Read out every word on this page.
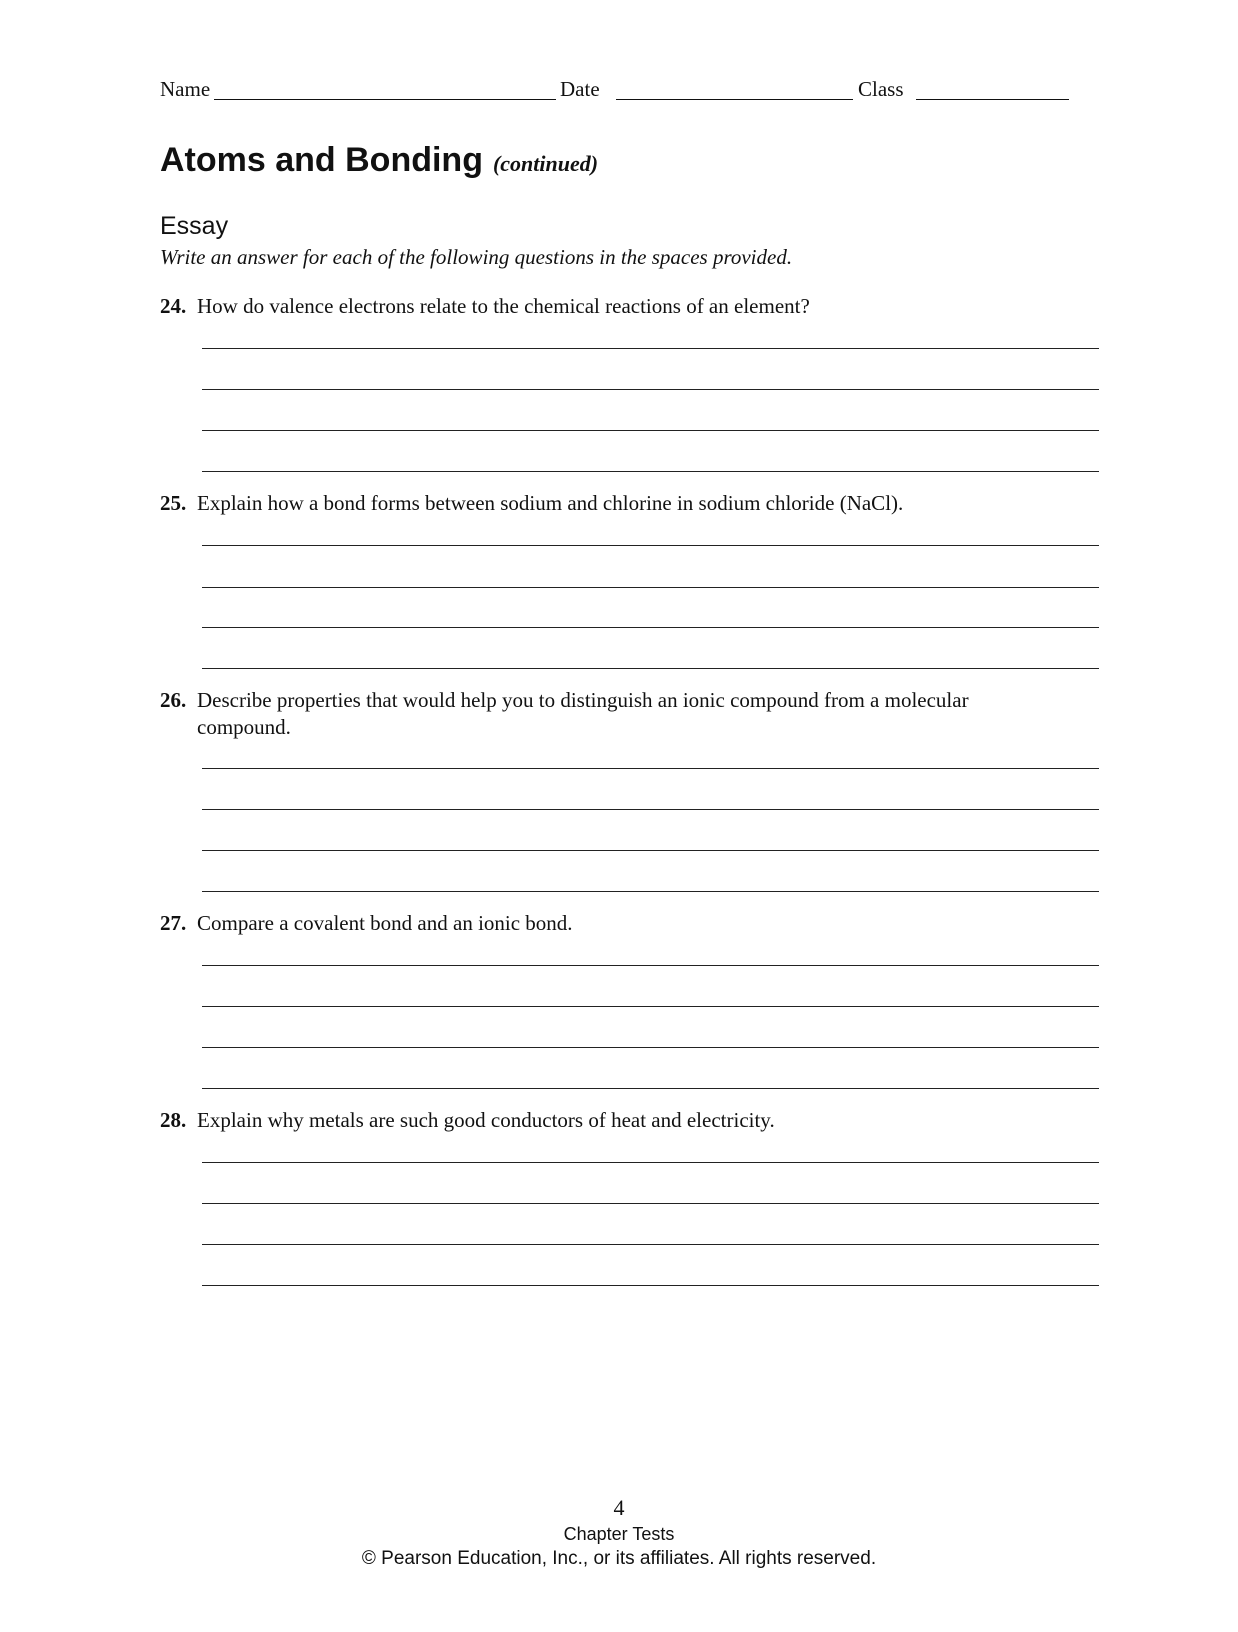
Name	Date	Class
Atoms and Bonding (continued)
Essay
Write an answer for each of the following questions in the spaces provided.
24. How do valence electrons relate to the chemical reactions of an element?
25. Explain how a bond forms between sodium and chlorine in sodium chloride (NaCl).
26. Describe properties that would help you to distinguish an ionic compound from a molecular compound.
27. Compare a covalent bond and an ionic bond.
28. Explain why metals are such good conductors of heat and electricity.
4
Chapter Tests
© Pearson Education, Inc., or its affiliates. All rights reserved.
